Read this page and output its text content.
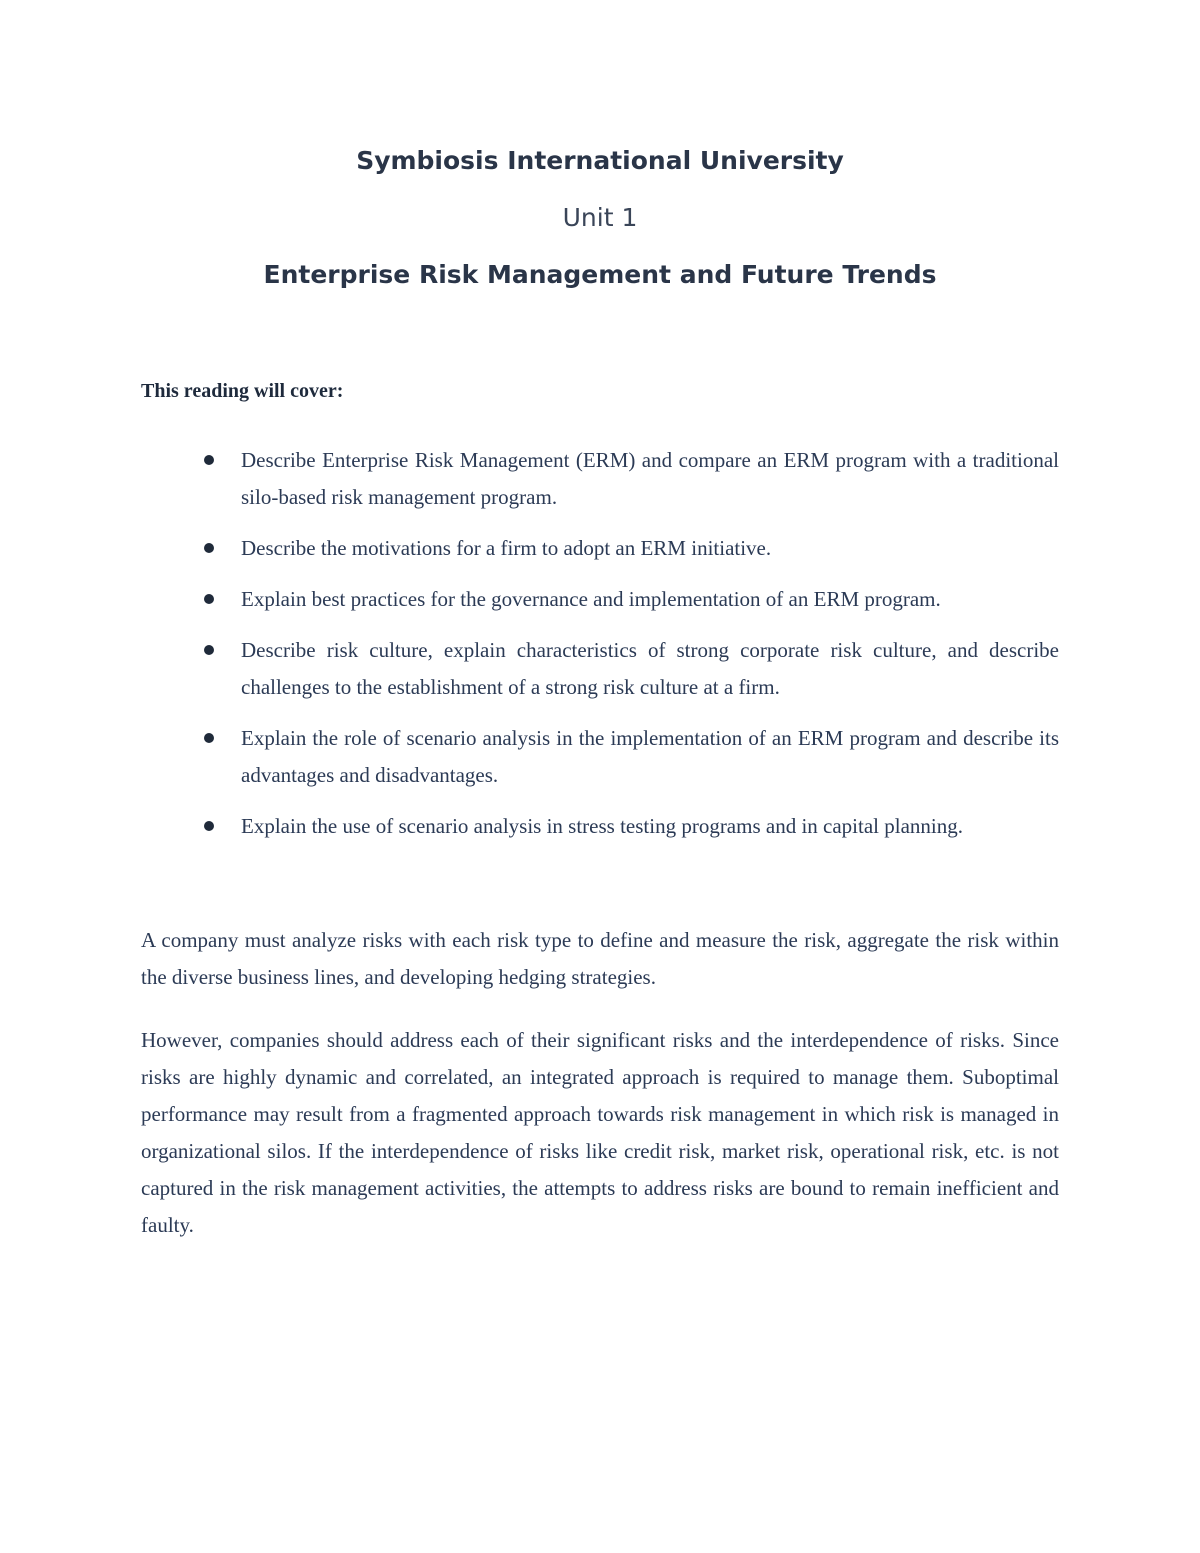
Symbiosis International University
Unit 1
Enterprise Risk Management and Future Trends
This reading will cover:
Describe Enterprise Risk Management (ERM) and compare an ERM program with a traditional silo-based risk management program.
Describe the motivations for a firm to adopt an ERM initiative.
Explain best practices for the governance and implementation of an ERM program.
Describe risk culture, explain characteristics of strong corporate risk culture, and describe challenges to the establishment of a strong risk culture at a firm.
Explain the role of scenario analysis in the implementation of an ERM program and describe its advantages and disadvantages.
Explain the use of scenario analysis in stress testing programs and in capital planning.

A company must analyze risks with each risk type to define and measure the risk, aggregate the risk within the diverse business lines, and developing hedging strategies.

However, companies should address each of their significant risks and the interdependence of risks. Since risks are highly dynamic and correlated, an integrated approach is required to manage them. Suboptimal performance may result from a fragmented approach towards risk management in which risk is managed in organizational silos. If the interdependence of risks like credit risk, market risk, operational risk, etc. is not captured in the risk management activities, the attempts to address risks are bound to remain inefficient and faulty.
